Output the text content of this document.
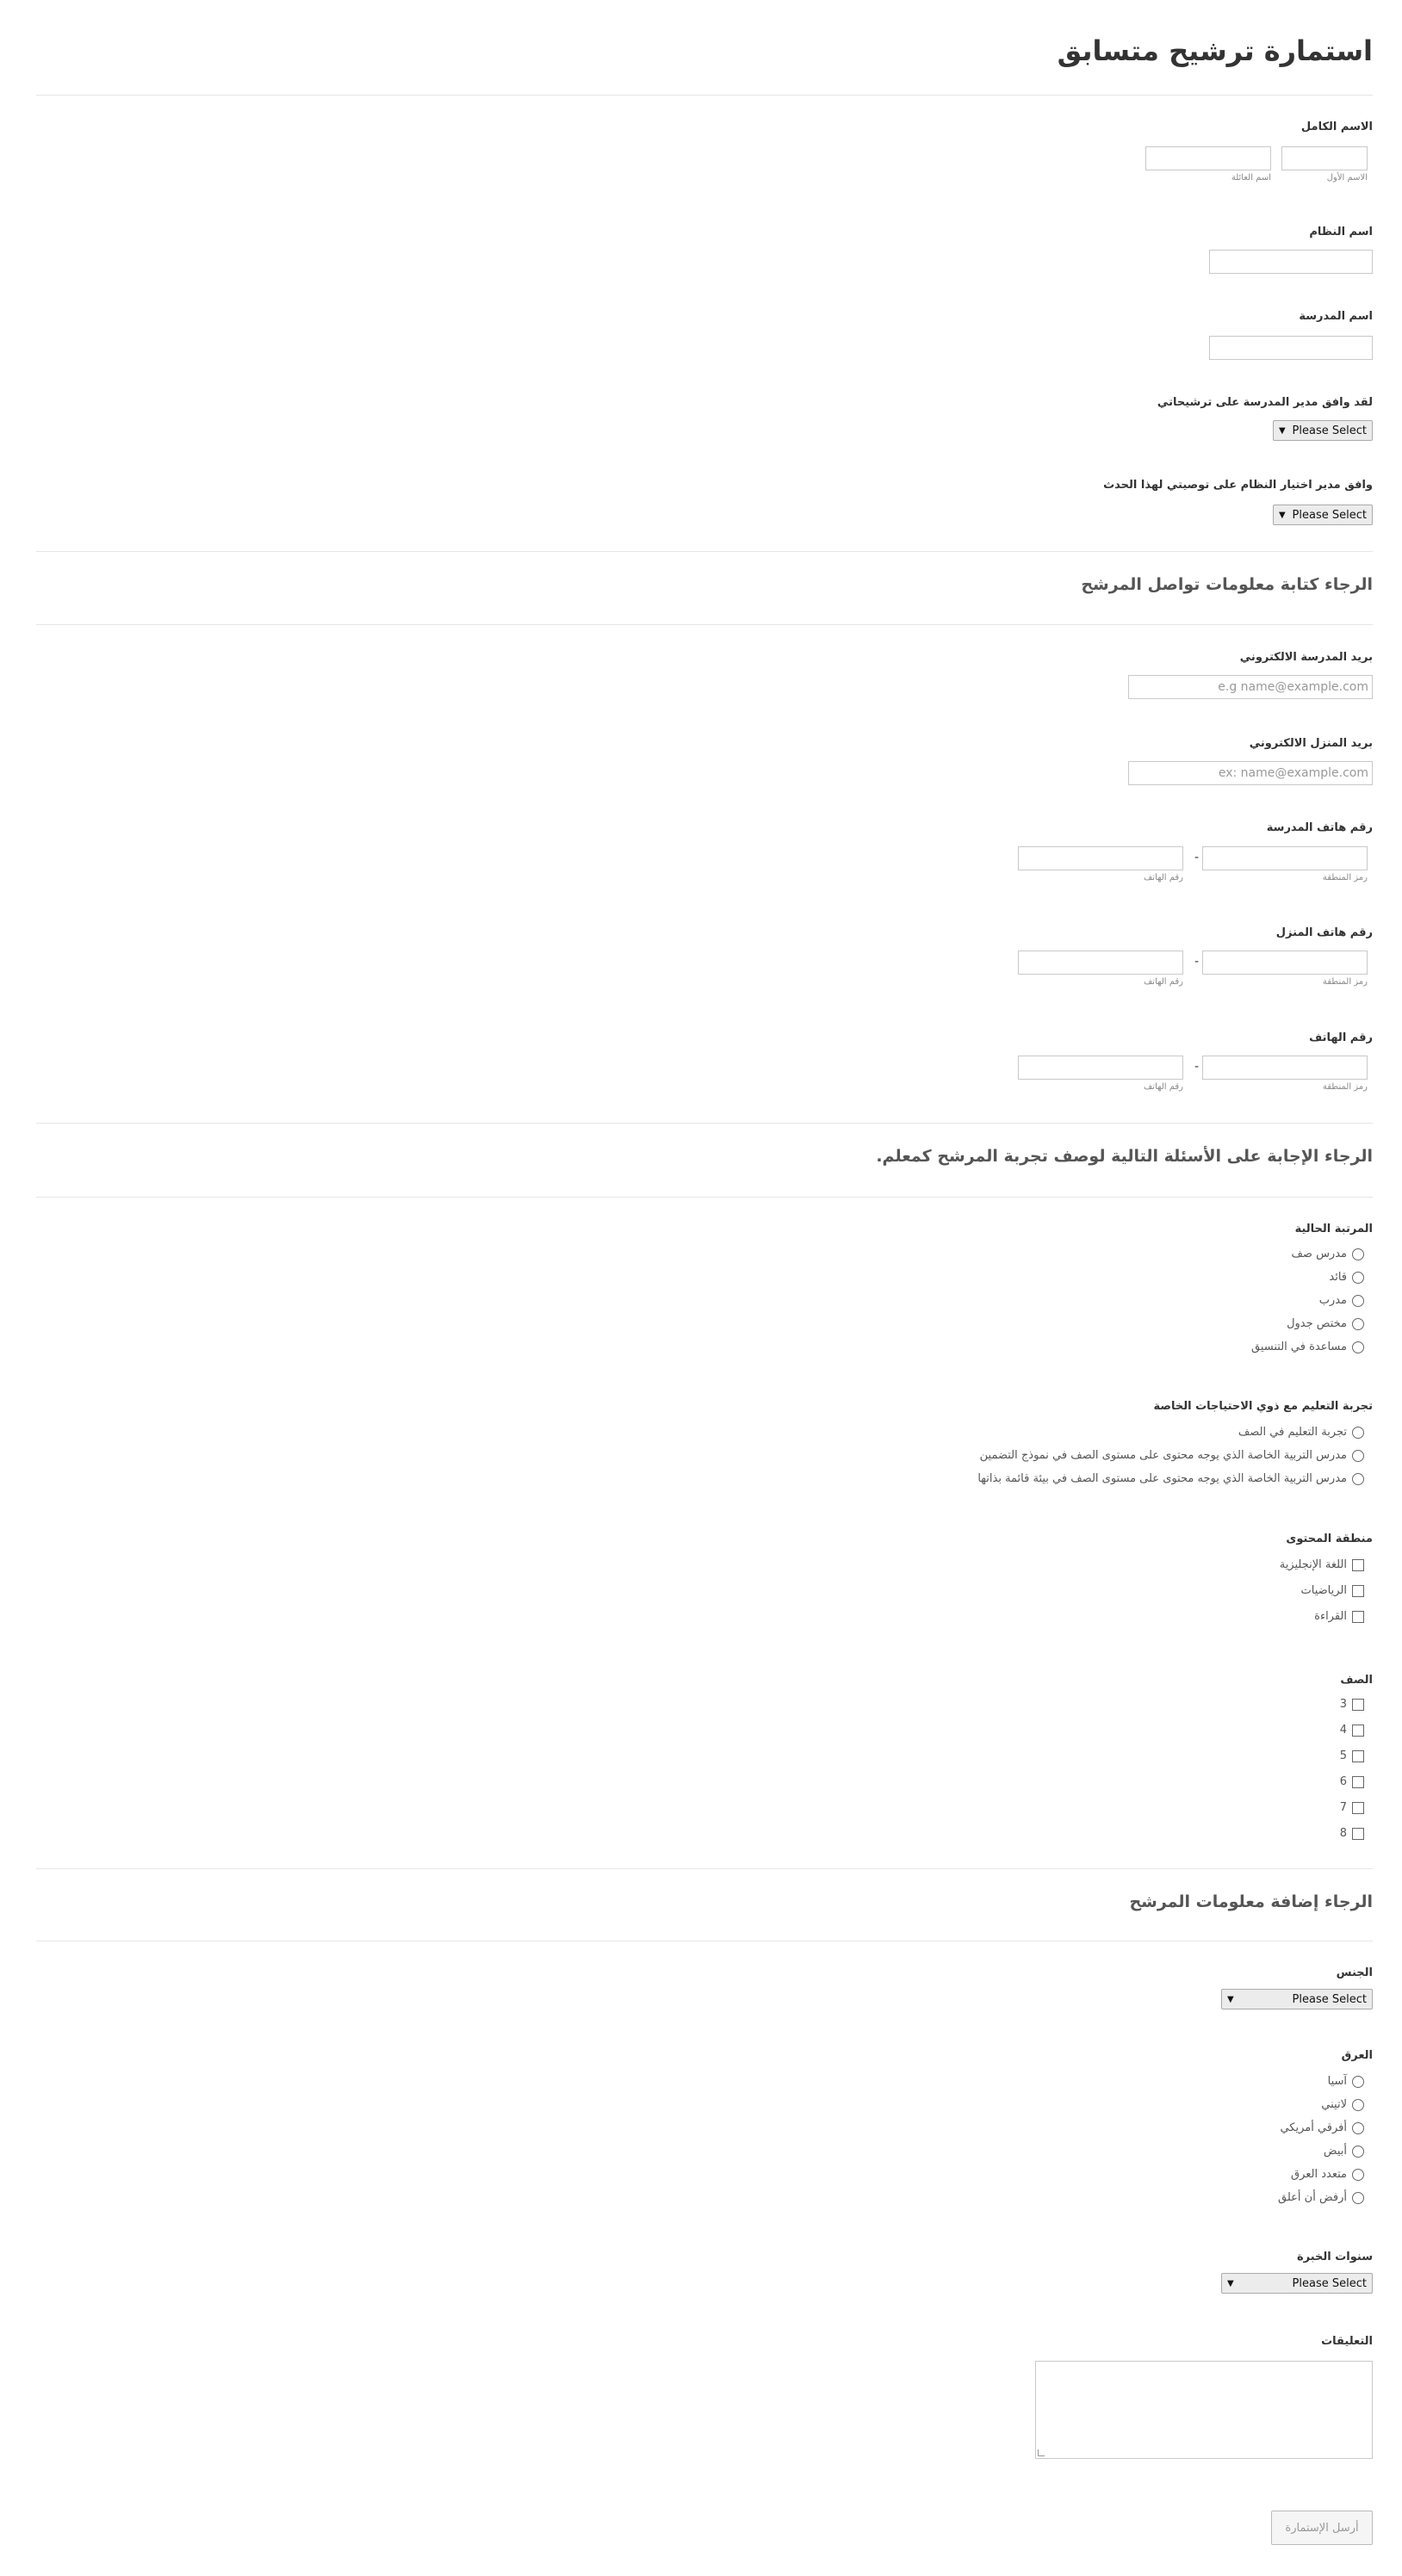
استمارة ترشيح متسابق
الاسم الكامل
الاسم الأول
اسم العائلة
اسم النظام
اسم المدرسة
لقد وافق مدير المدرسة على ترشيحاتي
▼ Please Select
وافق مدير اختيار النظام على توصيتي لهذا الحدث
▼ Please Select
الرجاء كتابة معلومات تواصل المرشح
بريد المدرسة الالكتروني
e.g name@example.com
بريد المنزل الالكتروني
ex: name@example.com
رقم هاتف المدرسة
رمز المنطقة
-
رقم الهاتف
رقم هاتف المنزل
رمز المنطقة
-
رقم الهاتف
رقم الهاتف
رمز المنطقة
-
رقم الهاتف
الرجاء الإجابة على الأسئلة التالية لوصف تجربة المرشح كمعلم.
المرتبة الحالية
مدرس صف
قائد
مدرب
مختص جدول
مساعدة في التنسيق
تجربة التعليم مع ذوي الاحتياجات الخاصة
تجربة التعليم في الصف
مدرس التربية الخاصة الذي يوجه محتوى على مستوى الصف في نموذج التضمين
مدرس التربية الخاصة الذي يوجه محتوى على مستوى الصف في بيئة قائمة بذاتها
منطقة المحتوى
اللغة الإنجليزية
الرياضيات
القراءة
الصف
3
4
5
6
7
8
الرجاء إضافة معلومات المرشح
الجنس
▼	Please Select
العرق
آسيا
لاتيني
أفرقي أمريكي
أبيض
متعدد العرق
أرفض أن أعلق
سنوات الخبرة
▼	Please Select
التعليقات
أرسل الإستمارة
